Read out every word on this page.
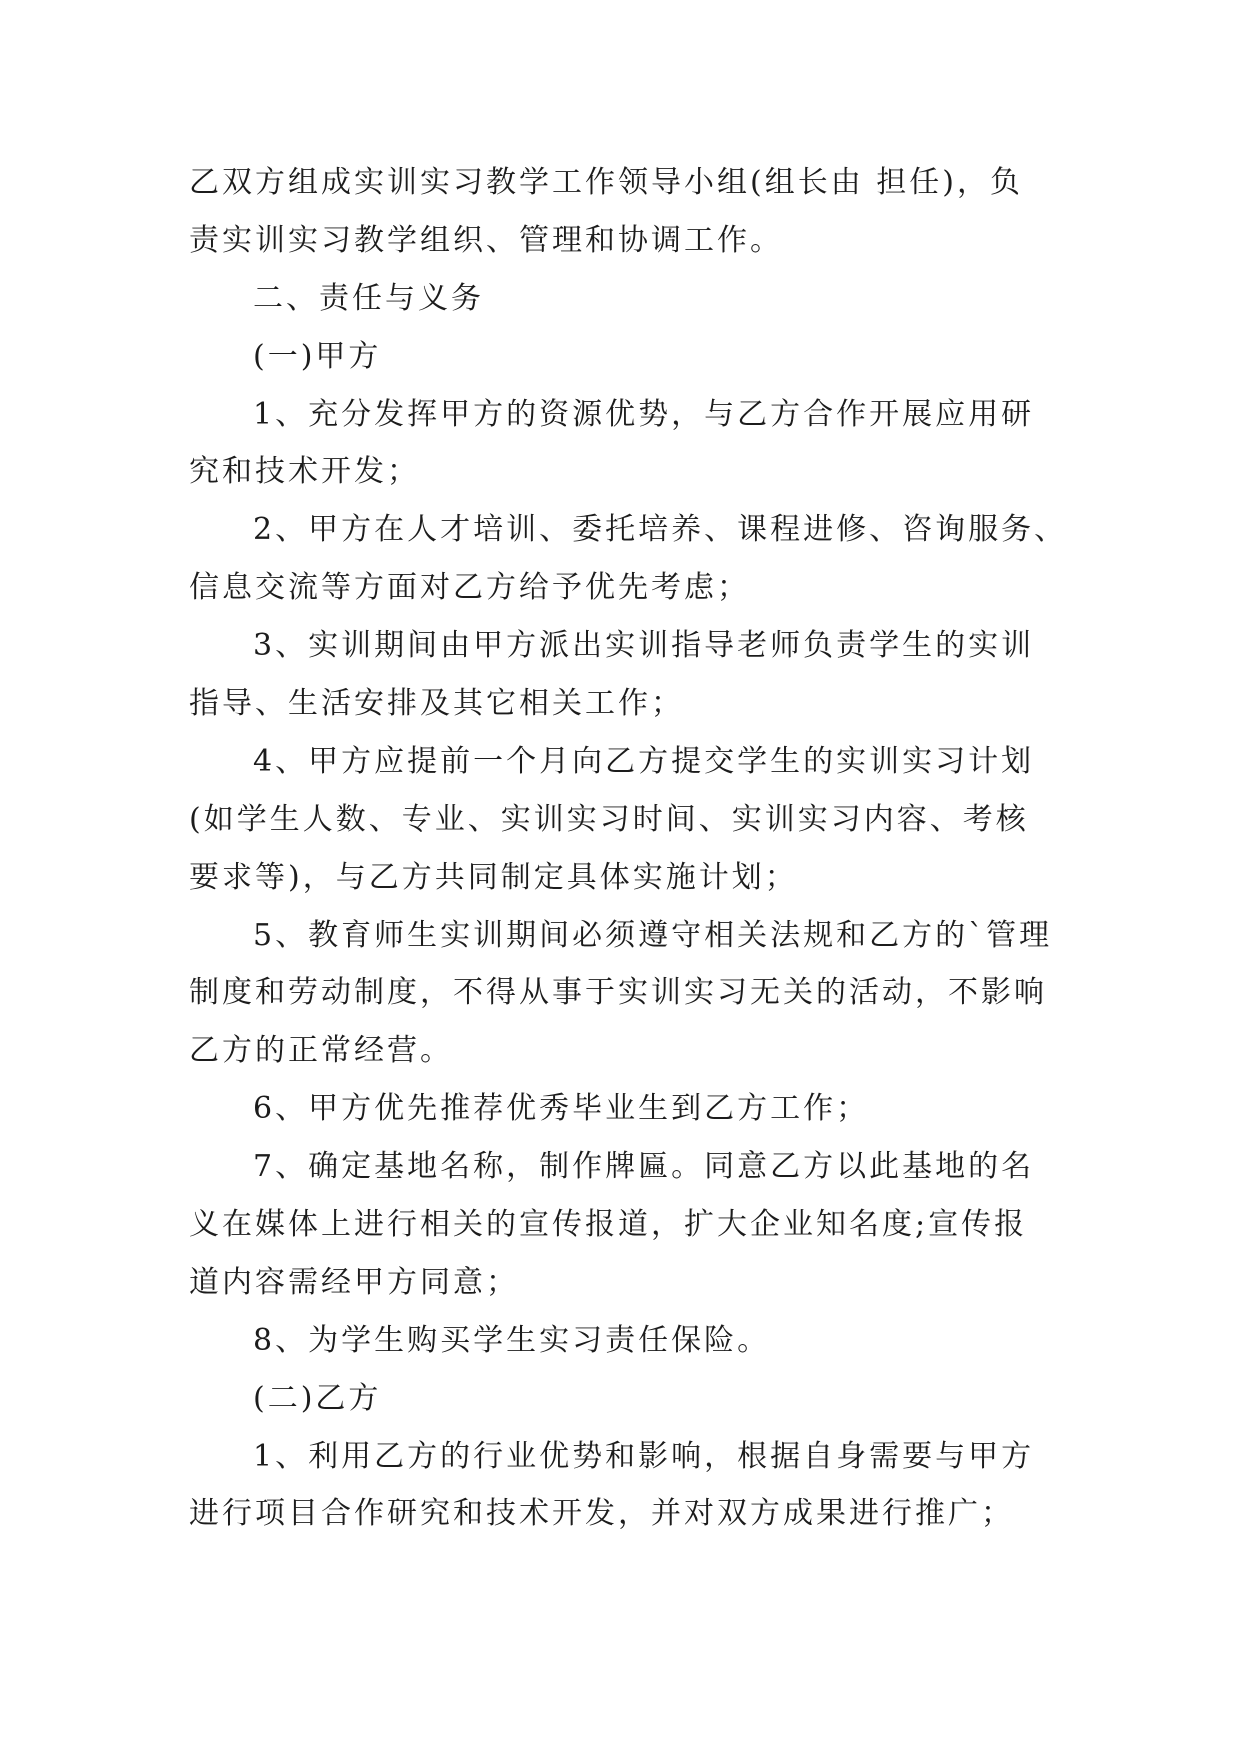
乙双方组成实训实习教学工作领导小组(组长由 担任)，负
责实训实习教学组织、管理和协调工作。
二、责任与义务
(一)甲方
1、充分发挥甲方的资源优势，与乙方合作开展应用研
究和技术开发；
2、甲方在人才培训、委托培养、课程进修、咨询服务、
信息交流等方面对乙方给予优先考虑；
3、实训期间由甲方派出实训指导老师负责学生的实训
指导、生活安排及其它相关工作；
4、甲方应提前一个月向乙方提交学生的实训实习计划
(如学生人数、专业、实训实习时间、实训实习内容、考核
要求等)，与乙方共同制定具体实施计划；
5、教育师生实训期间必须遵守相关法规和乙方的`管理
制度和劳动制度，不得从事于实训实习无关的活动，不影响
乙方的正常经营。
6、甲方优先推荐优秀毕业生到乙方工作；
7、确定基地名称，制作牌匾。同意乙方以此基地的名
义在媒体上进行相关的宣传报道，扩大企业知名度;宣传报
道内容需经甲方同意；
8、为学生购买学生实习责任保险。
(二)乙方
1、利用乙方的行业优势和影响，根据自身需要与甲方
进行项目合作研究和技术开发，并对双方成果进行推广；
